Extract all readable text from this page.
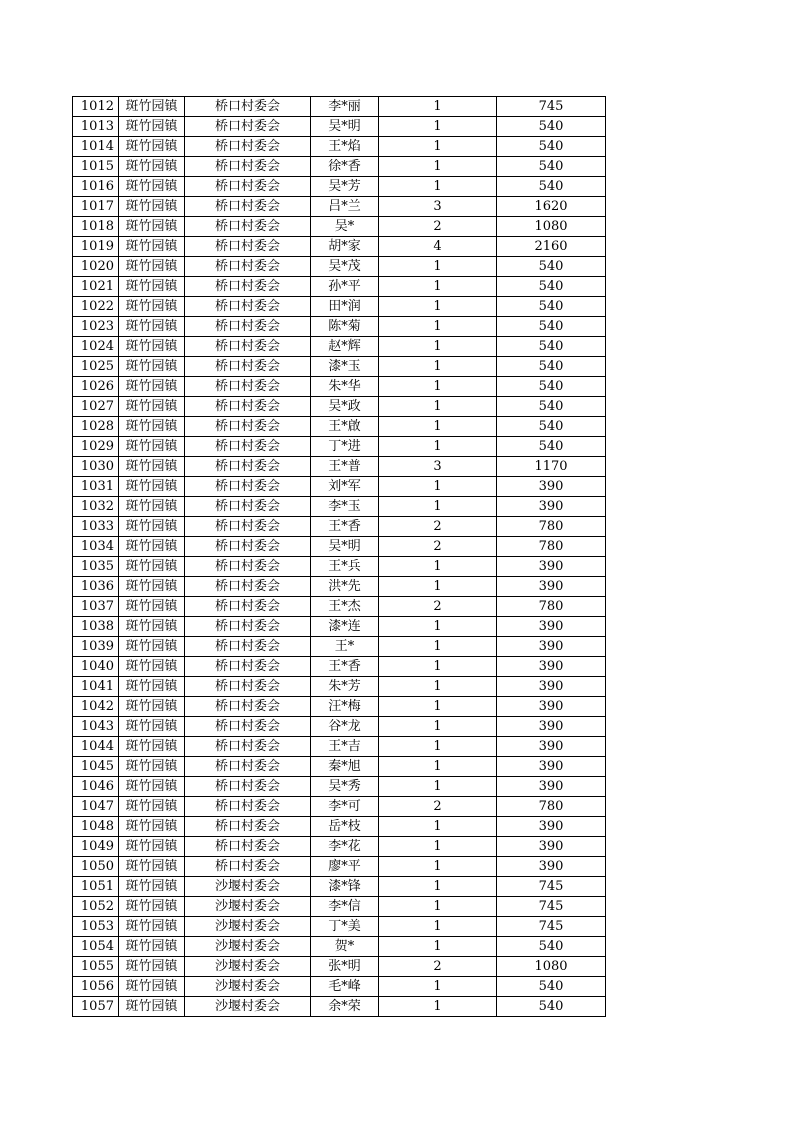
1012	斑竹园镇	桥口村委会	李*丽	1	745
1013	斑竹园镇	桥口村委会	吴*明	1	540
1014	斑竹园镇	桥口村委会	王*焰	1	540
1015	斑竹园镇	桥口村委会	徐*香	1	540
1016	斑竹园镇	桥口村委会	吴*芳	1	540
1017	斑竹园镇	桥口村委会	吕*兰	3	1620
1018	斑竹园镇	桥口村委会	吴*	2	1080
1019	斑竹园镇	桥口村委会	胡*家	4	2160
1020	斑竹园镇	桥口村委会	吴*茂	1	540
1021	斑竹园镇	桥口村委会	孙*平	1	540
1022	斑竹园镇	桥口村委会	田*润	1	540
1023	斑竹园镇	桥口村委会	陈*菊	1	540
1024	斑竹园镇	桥口村委会	赵*辉	1	540
1025	斑竹园镇	桥口村委会	漆*玉	1	540
1026	斑竹园镇	桥口村委会	朱*华	1	540
1027	斑竹园镇	桥口村委会	吴*政	1	540
1028	斑竹园镇	桥口村委会	王*啟	1	540
1029	斑竹园镇	桥口村委会	丁*进	1	540
1030	斑竹园镇	桥口村委会	王*普	3	1170
1031	斑竹园镇	桥口村委会	刘*军	1	390
1032	斑竹园镇	桥口村委会	李*玉	1	390
1033	斑竹园镇	桥口村委会	王*香	2	780
1034	斑竹园镇	桥口村委会	吴*明	2	780
1035	斑竹园镇	桥口村委会	王*兵	1	390
1036	斑竹园镇	桥口村委会	洪*先	1	390
1037	斑竹园镇	桥口村委会	王*杰	2	780
1038	斑竹园镇	桥口村委会	漆*连	1	390
1039	斑竹园镇	桥口村委会	王*	1	390
1040	斑竹园镇	桥口村委会	王*香	1	390
1041	斑竹园镇	桥口村委会	朱*芳	1	390
1042	斑竹园镇	桥口村委会	汪*梅	1	390
1043	斑竹园镇	桥口村委会	谷*龙	1	390
1044	斑竹园镇	桥口村委会	王*吉	1	390
1045	斑竹园镇	桥口村委会	秦*旭	1	390
1046	斑竹园镇	桥口村委会	吴*秀	1	390
1047	斑竹园镇	桥口村委会	李*可	2	780
1048	斑竹园镇	桥口村委会	岳*枝	1	390
1049	斑竹园镇	桥口村委会	李*花	1	390
1050	斑竹园镇	桥口村委会	廖*平	1	390
1051	斑竹园镇	沙堰村委会	漆*锋	1	745
1052	斑竹园镇	沙堰村委会	李*信	1	745
1053	斑竹园镇	沙堰村委会	丁*美	1	745
1054	斑竹园镇	沙堰村委会	贺*	1	540
1055	斑竹园镇	沙堰村委会	张*明	2	1080
1056	斑竹园镇	沙堰村委会	毛*峰	1	540
1057	斑竹园镇	沙堰村委会	余*荣	1	540
